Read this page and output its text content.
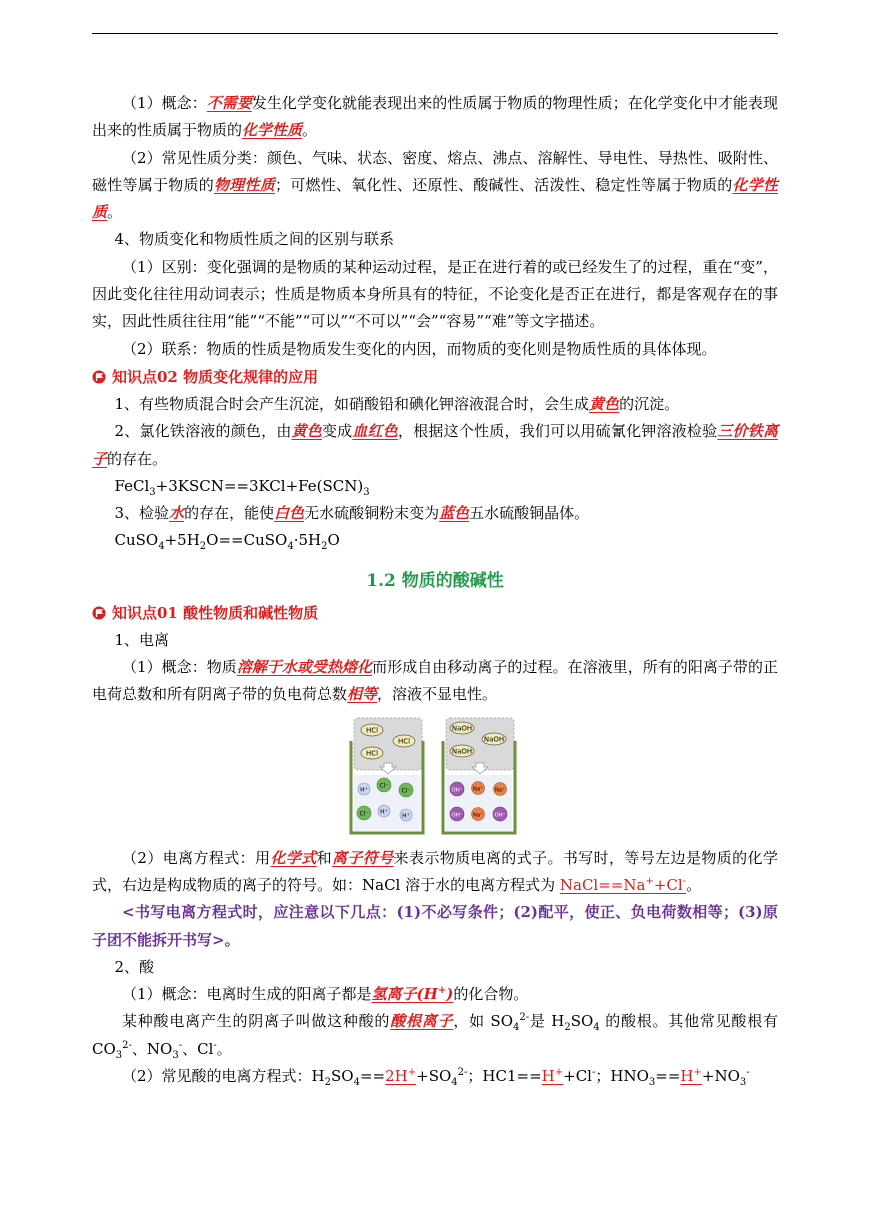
（1）概念：不需要发生化学变化就能表现出来的性质属于物质的物理性质；在化学变化中才能表现出来的性质属于物质的化学性质。

（2）常见性质分类：颜色、气味、状态、密度、熔点、沸点、溶解性、导电性、导热性、吸附性、磁性等属于物质的物理性质；可燃性、氧化性、还原性、酸碱性、活泼性、稳定性等属于物质的化学性质。

4、物质变化和物质性质之间的区别与联系

（1）区别：变化强调的是物质的某种运动过程，是正在进行着的或已经发生了的过程，重在“变”，因此变化往往用动词表示；性质是物质本身所具有的特征，不论变化是否正在进行，都是客观存在的事实，因此性质往往用“能”“不能”“可以”“不可以”“会”“容易”“难”等文字描述。

（2）联系：物质的性质是物质发生变化的内因，而物质的变化则是物质性质的具体体现。

知识点02 物质变化规律的应用

1、有些物质混合时会产生沉淀，如硝酸铅和碘化钾溶液混合时，会生成黄色的沉淀。

2、氯化铁溶液的颜色，由黄色变成血红色，根据这个性质，我们可以用硫氰化钾溶液检验三价铁离子的存在。

$FeCl_3+3KSCN==3KCl+Fe(SCN)_3$

3、检验水的存在，能使白色无水硫酸铜粉末变为蓝色五水硫酸铜晶体。

$CuSO_4+5H_2O==CuSO_4\cdot 5H_2O$

1.2 物质的酸碱性
知识点01 酸性物质和碱性物质

1、电离

（1）概念：物质溶解于水或受热熔化而形成自由移动离子的过程。在溶液里，所有的阳离子带的正电荷总数和所有阴离子带的负电荷总数相等，溶液不显电性。

HCl
HCl
HCl
H⁺
Cl⁻
Cl⁻
Cl⁻ H⁺
H⁺
NaOH
NaOH
NaOH
OH⁻ Na⁺ Na⁺
OH⁻ Na⁺ OH⁻

（2）电离方程式：用化学式和离子符号来表示物质电离的式子。书写时，等号左边是物质的化学式，右边是构成物质的离子的符号。如：NaCl 溶于水的电离方程式为 NaCl==Na++Cl-。

<书写电离方程式时，应注意以下几点：(1)不必写条件；(2)配平，使正、负电荷数相等；(3)原子团不能拆开书写>。

2、酸

（1）概念：电离时生成的阳离子都是氢离子(H+)的化合物。

某种酸电离产生的阴离子叫做这种酸的酸根离子，如 $SO_4^{2-}$是 $H_2SO_4$ 的酸根。其他常见酸根有 $CO_3^{2-}$、$NO_3^-$、Cl-。

（2）常见酸的电离方程式：$H_2SO_4==2H^++SO_4^{2-}$；HC1==H++Cl-；$HNO_3==H^++NO_3^-$
